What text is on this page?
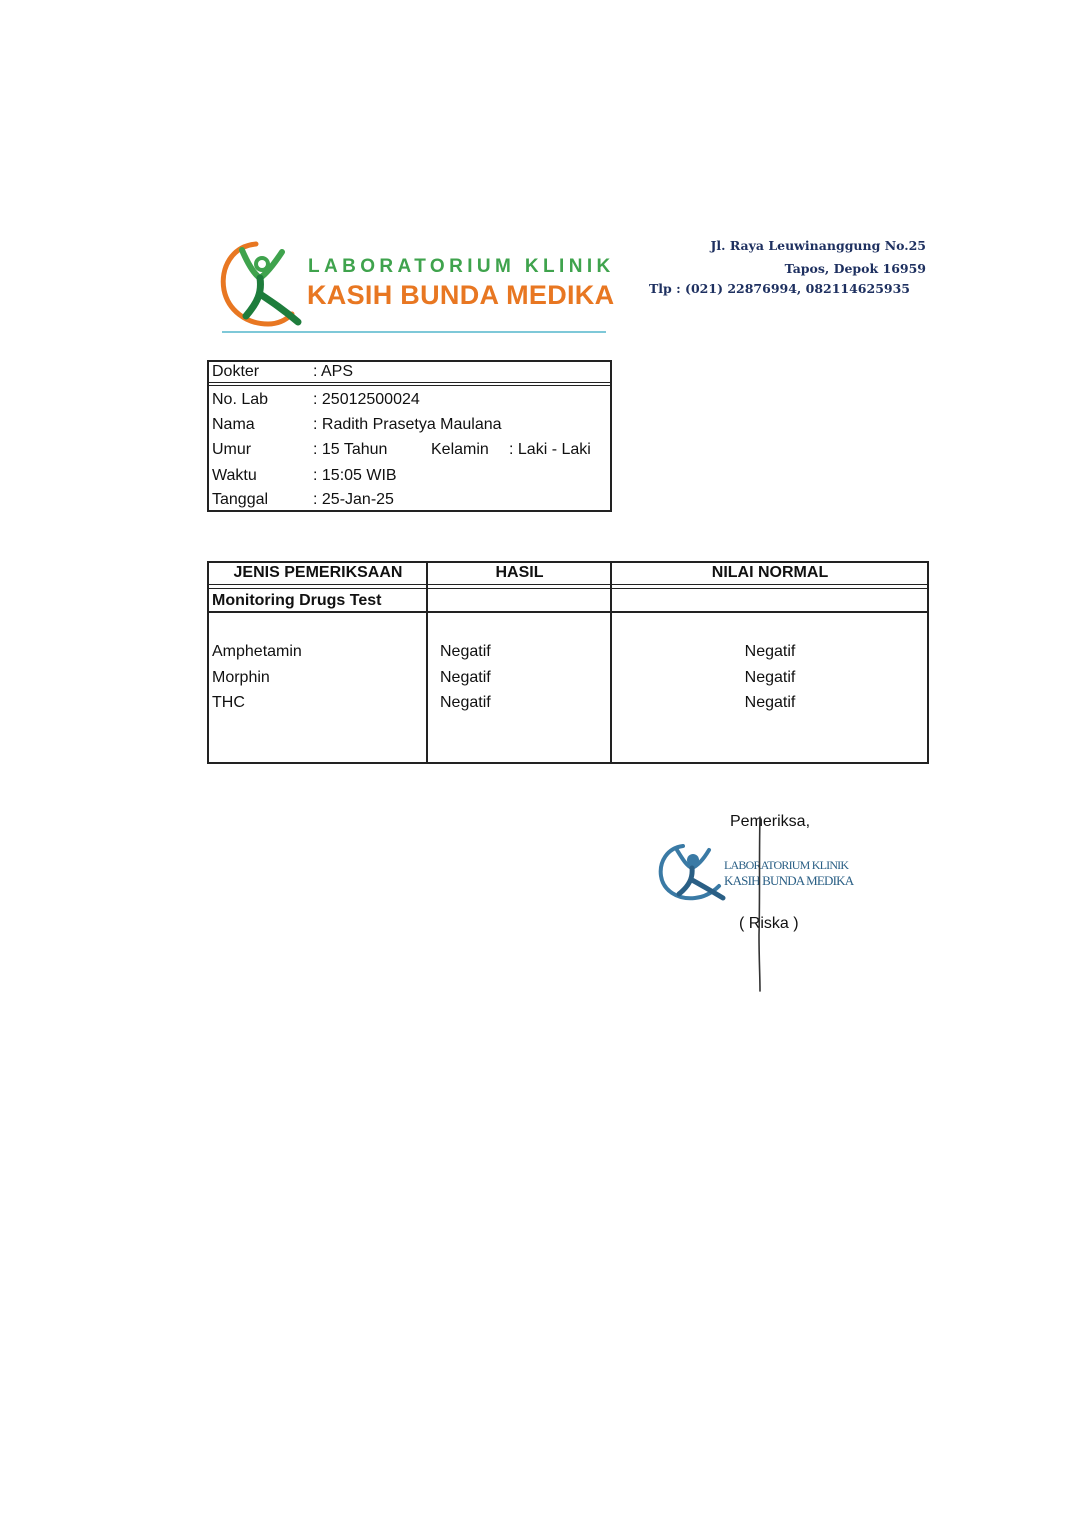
LABORATORIUM KLINIK
KASIH BUNDA MEDIKA
Jl. Raya Leuwinanggung No.25
Tapos, Depok 16959
Tlp : (021) 22876994, 082114625935
Dokter	: APS
No. Lab	: 25012500024
Nama	: Radith Prasetya Maulana
Umur	: 15 Tahun	Kelamin : Laki - Laki
Waktu	: 15:05 WIB
Tanggal	: 25-Jan-25
JENIS PEMERIKSAAN	HASIL	NILAI NORMAL
Monitoring Drugs Test
Amphetamin	Negatif	Negatif
Morphin	Negatif	Negatif
THC	Negatif	Negatif
Pemeriksa,
LABORATORIUM KLINIK
KASIH BUNDA MEDIKA
( Riska )
